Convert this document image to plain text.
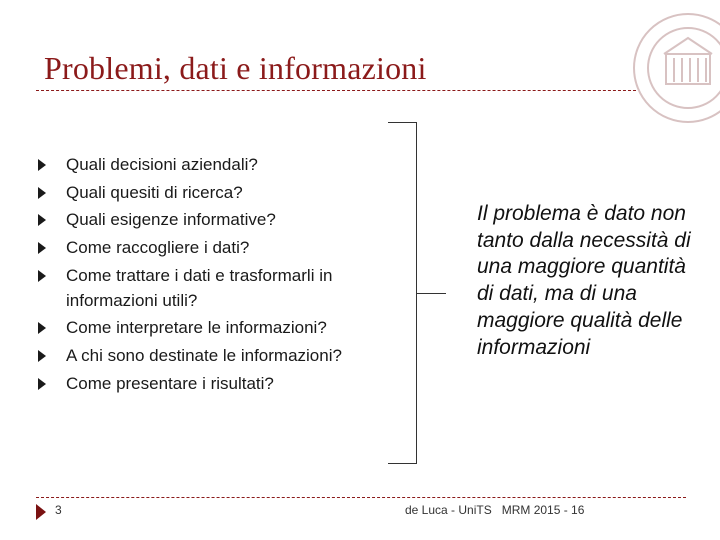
Problemi, dati e informazioni
Quali decisioni aziendali?
Quali quesiti di ricerca?
Quali esigenze informative?
Come raccogliere i dati?
Come trattare i dati e trasformarli in informazioni utili?
Come interpretare le informazioni?
A chi sono destinate le informazioni?
Come presentare i risultati?
Il problema è dato non tanto dalla necessità di una maggiore quantità di dati, ma di una maggiore qualità delle informazioni
3	de Luca - UniTS   MRM 2015 - 16
